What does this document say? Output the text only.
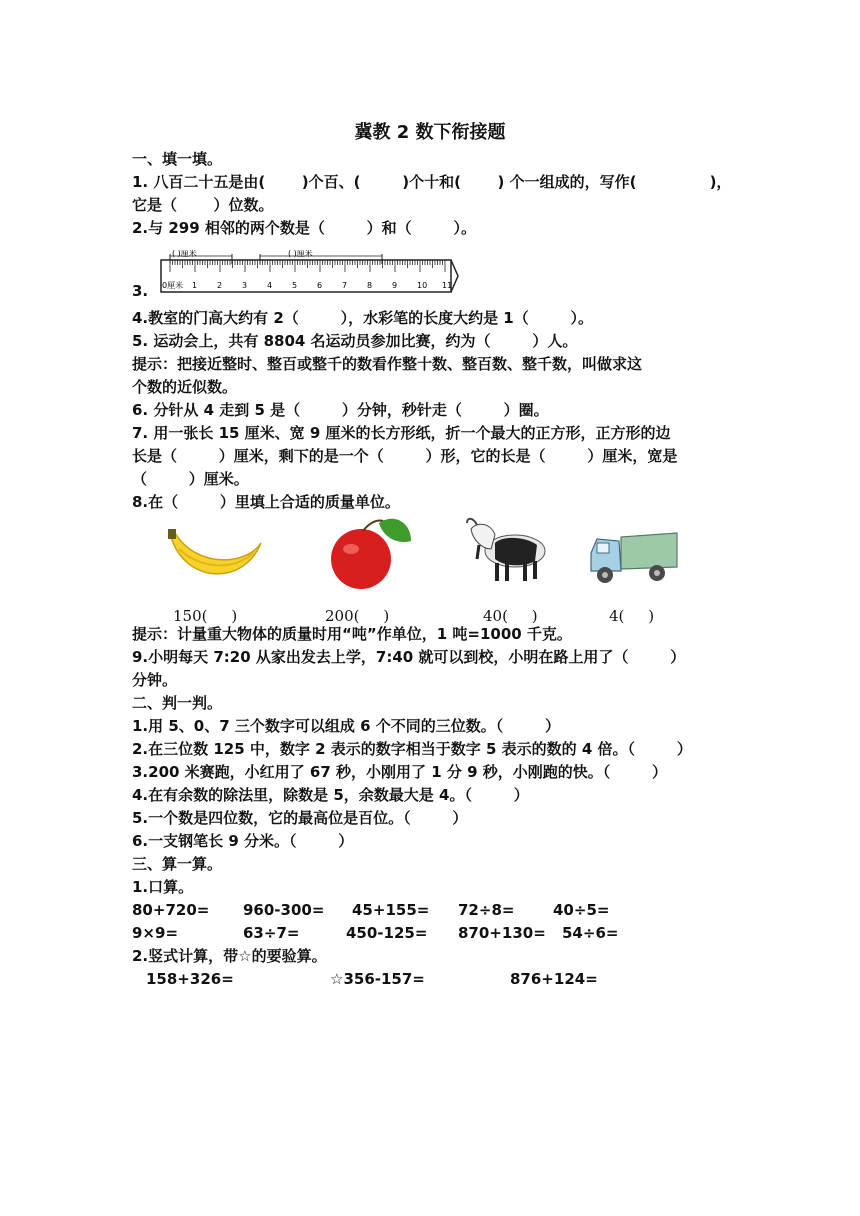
冀教 2 数下衔接题
一、填一填。
1. 八百二十五是由(       )个百、(        )个十和(       ) 个一组成的，写作(              )，
它是（       ）位数。
2.与 299 相邻的两个数是（        ）和（        ）。
3.
( )厘米	( )厘米
0厘米 1 2 3 4 5 6 7 8 9 10 11
4.教室的门高大约有 2（        ），水彩笔的长度大约是 1（        ）。
5. 运动会上，共有 8804 名运动员参加比赛，约为（        ）人。
提示：把接近整时、整百或整千的数看作整十数、整百数、整千数，叫做求这
个数的近似数。
6. 分针从 4 走到 5 是（        ）分钟，秒针走（        ）圈。
7. 用一张长 15 厘米、宽 9 厘米的长方形纸，折一个最大的正方形，正方形的边
长是（        ）厘米，剩下的是一个（        ）形，它的长是（        ）厘米，宽是
（        ）厘米。
8.在（        ）里填上合适的质量单位。
150(     )	200(     )	40(     )	4(     )
提示：计量重大物体的质量时用“吨”作单位，1 吨=1000 千克。
9.小明每天 7:20 从家出发去上学，7:40 就可以到校，小明在路上用了（        ）
分钟。
二、判一判。
1.用 5、0、7 三个数字可以组成 6 个不同的三位数。（        ）
2.在三位数 125 中，数字 2 表示的数字相当于数字 5 表示的数的 4 倍。（        ）
3.200 米赛跑，小红用了 67 秒，小刚用了 1 分 9 秒，小刚跑的快。（        ）
4.在有余数的除法里，除数是 5，余数最大是 4。（        ）
5.一个数是四位数，它的最高位是百位。（        ）
6.一支钢笔长 9 分米。（        ）
三、算一算。
1.口算。
80+720= 960-300= 45+155= 72÷8=	40÷5=
9×9=	63÷7=	450-125= 870+130= 54÷6=
2.竖式计算，带☆的要验算。
158+326=	☆356-157=	876+124=
